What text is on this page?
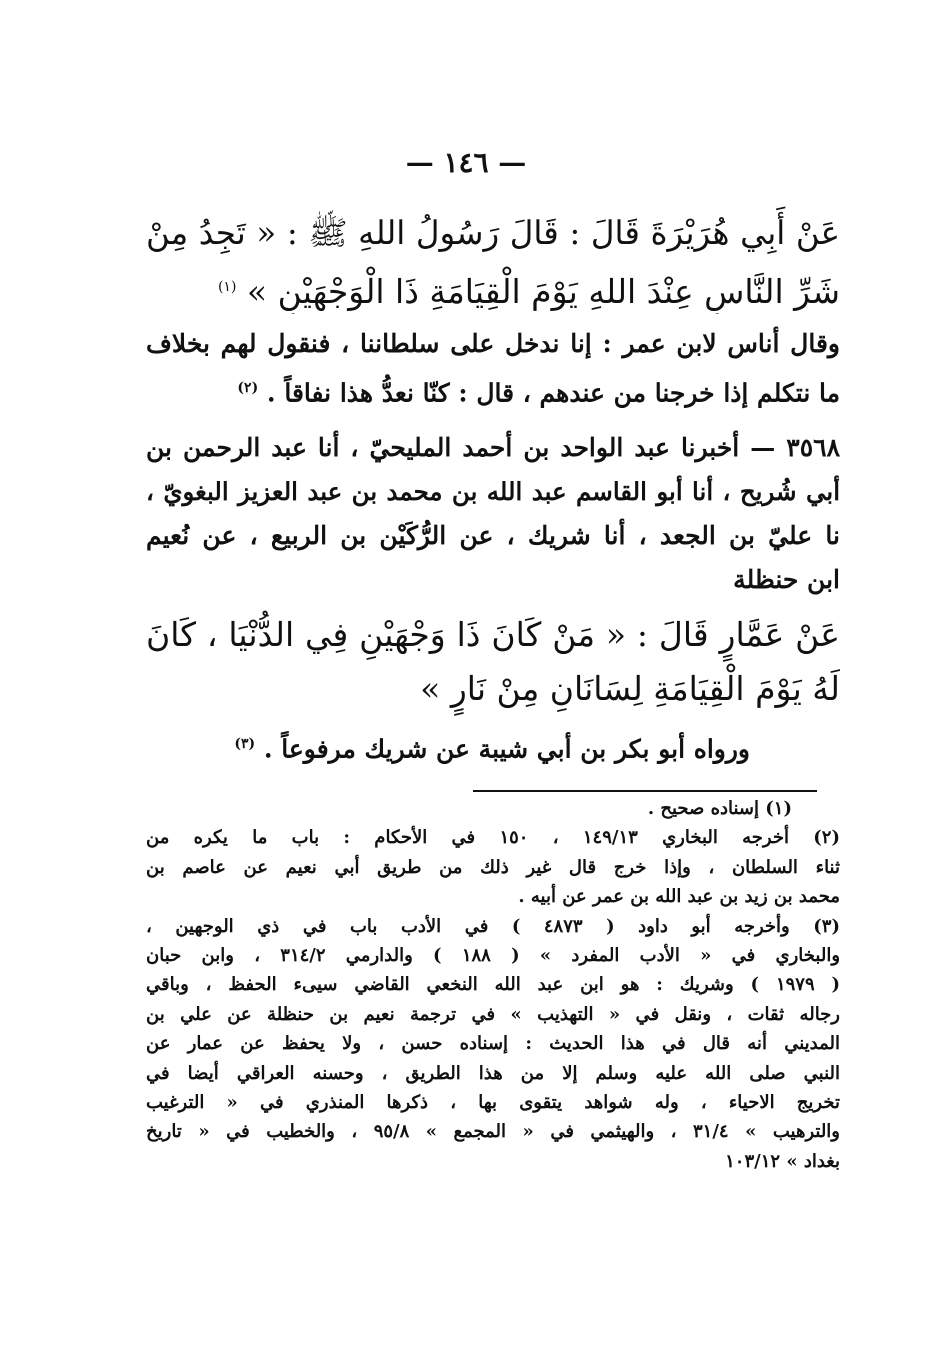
— ١٤٦ —
عَنْ أَبِي هُرَيْرَةَ قَالَ : قَالَ رَسُولُ اللهِ ﷺ : « تَجِدُ مِنْ
شَرِّ النَّاسِ عِنْدَ اللهِ يَوْمَ الْقِيَامَةِ ذَا الْوَجْهَيْنِ » $^{(١)}$
وقال أناس لابن عمر : إنا ندخل على سلطاننا ، فنقول لهم بخلاف
ما نتكلم إذا خرجنا من عندهم ، قال : كنّا نعدُّ هذا نفاقاً . $^{(٢)}$
٣٥٦٨ — أخبرنا عبد الواحد بن أحمد المليحيّ ، أنا عبد الرحمن بن
أبي شُريح ، أنا أبو القاسم عبد الله بن محمد بن عبد العزيز البغويّ ،
نا عليّ بن الجعد ، أنا شريك ، عن الرُّكَيْن بن الربيع ، عن نُعيم
ابن حنظلة
عَنْ عَمَّارٍ قَالَ : « مَنْ كَانَ ذَا وَجْهَيْنِ فِي الدُّنْيَا ، كَانَ
لَهُ يَوْمَ الْقِيَامَةِ لِسَانَانِ مِنْ نَارٍ »
ورواه أبو بكر بن أبي شيبة عن شريك مرفوعاً . $^{(٣)}$
(١) إسناده صحيح .
(٢) أخرجه البخاري ١٤٩/١٣ ، ١٥٠ في الأحكام : باب ما يكره من
ثناء السلطان ، وإذا خرج قال غير ذلك من طريق أبي نعيم عن عاصم بن
محمد بن زيد بن عبد الله بن عمر عن أبيه .
(٣) وأخرجه أبو داود ( ٤٨٧٣ ) في الأدب باب في ذي الوجهين ،
والبخاري في « الأدب المفرد » ( ١٨٨ ) والدارمي ٣١٤/٢ ، وابن حبان
( ١٩٧٩ ) وشريك : هو ابن عبد الله النخعي القاضي سيىء الحفظ ، وباقي
رجاله ثقات ، ونقل في « التهذيب » في ترجمة نعيم بن حنظلة عن علي بن
المديني أنه قال في هذا الحديث : إسناده حسن ، ولا يحفظ عن عمار عن
النبي صلى الله عليه وسلم إلا من هذا الطريق ، وحسنه العراقي أيضا في
تخريج الاحياء ، وله شواهد يتقوى بها ، ذكرها المنذري في « الترغيب
والترهيب » ٣١/٤ ، والهيثمي في « المجمع » ٩٥/٨ ، والخطيب في « تاريخ
بغداد » ١٠٣/١٢
